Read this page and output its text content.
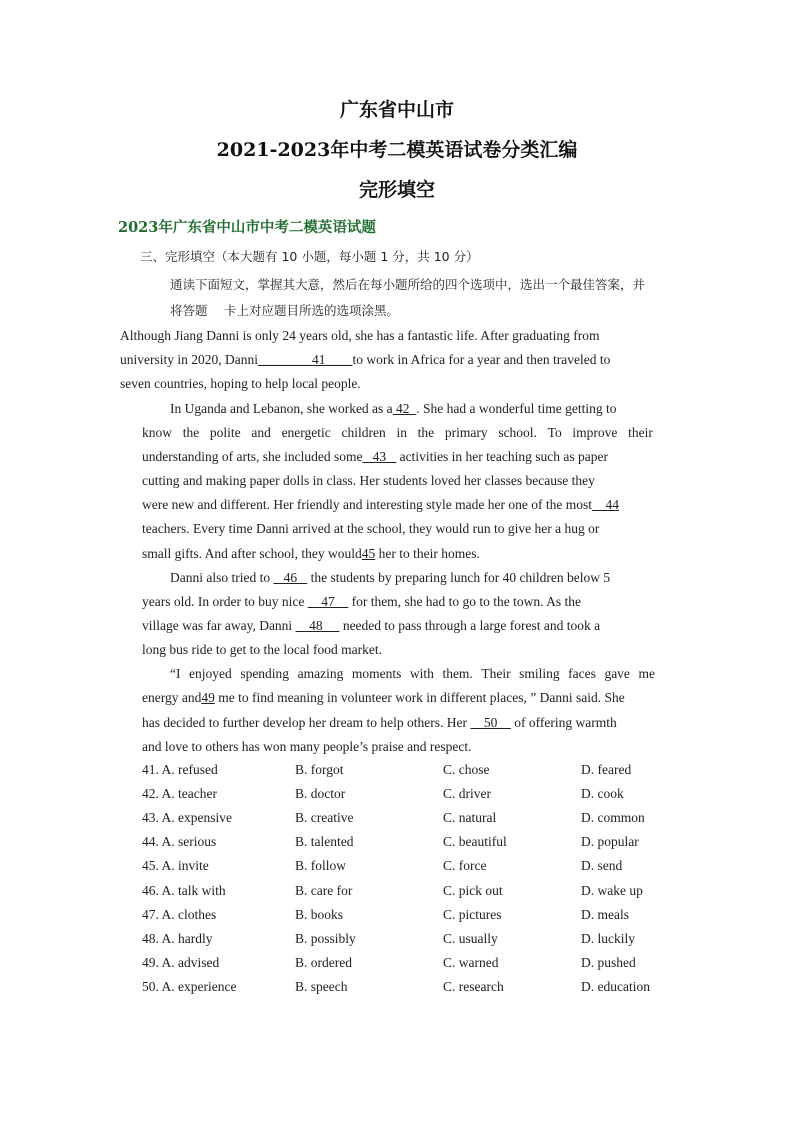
广东省中山市
2021-2023年中考二模英语试卷分类汇编
完形填空
2023年广东省中山市中考二模英语试题
三、完形填空（本大题有 10 小题，每小题 1 分，共 10 分）
通读下面短文，掌握其大意，然后在每小题所给的四个选项中，选出一个最佳答案，并
将答题　 卡上对应题目所选的选项涂黑。
Although Jiang Danni is only 24 years old, she has a fantastic life. After graduating from
university in 2020, Danni________41____to work in Africa for a year and then traveled to
seven countries, hoping to help local people.
In Uganda and Lebanon, she worked as a 42  . She had a wonderful time getting to
know the polite and energetic children in the primary school. To improve their
understanding of arts, she included some   43    activities in her teaching such as paper
cutting and making paper dolls in class. Her students loved her classes because they
were new and different. Her friendly and interesting style made her one of the most    44
teachers. Every time Danni arrived at the school, they would run to give her a hug or
small gifts. And after school, they would45 her to their homes.
Danni also tried to    46    the students by preparing lunch for 40 children below 5
years old. In order to buy nice     47     for them, she had to go to the town. As the
village was far away, Danni     48      needed to pass through a large forest and took a
long bus ride to get to the local food market.
“I enjoyed spending amazing moments with them. Their smiling faces gave me
energy and49 me to find meaning in volunteer work in different places, ” Danni said. She
has decided to further develop her dream to help others. Her     50     of offering warmth
and love to others has won many people’s praise and respect.
41. A. refused	B. forgot	C. chose	D. feared
42. A. teacher	B. doctor	C. driver	D. cook
43. A. expensive	B. creative	C. natural	D. common
44. A. serious	B. talented	C. beautiful	D. popular
45. A. invite	B. follow	C. force	D. send
46. A. talk with	B. care for	C. pick out	D. wake up
47. A. clothes	B. books	C. pictures	D. meals
48. A. hardly	B. possibly	C. usually	D. luckily
49. A. advised	B. ordered	C. warned	D. pushed
50. A. experience	B. speech	C. research	D. education
